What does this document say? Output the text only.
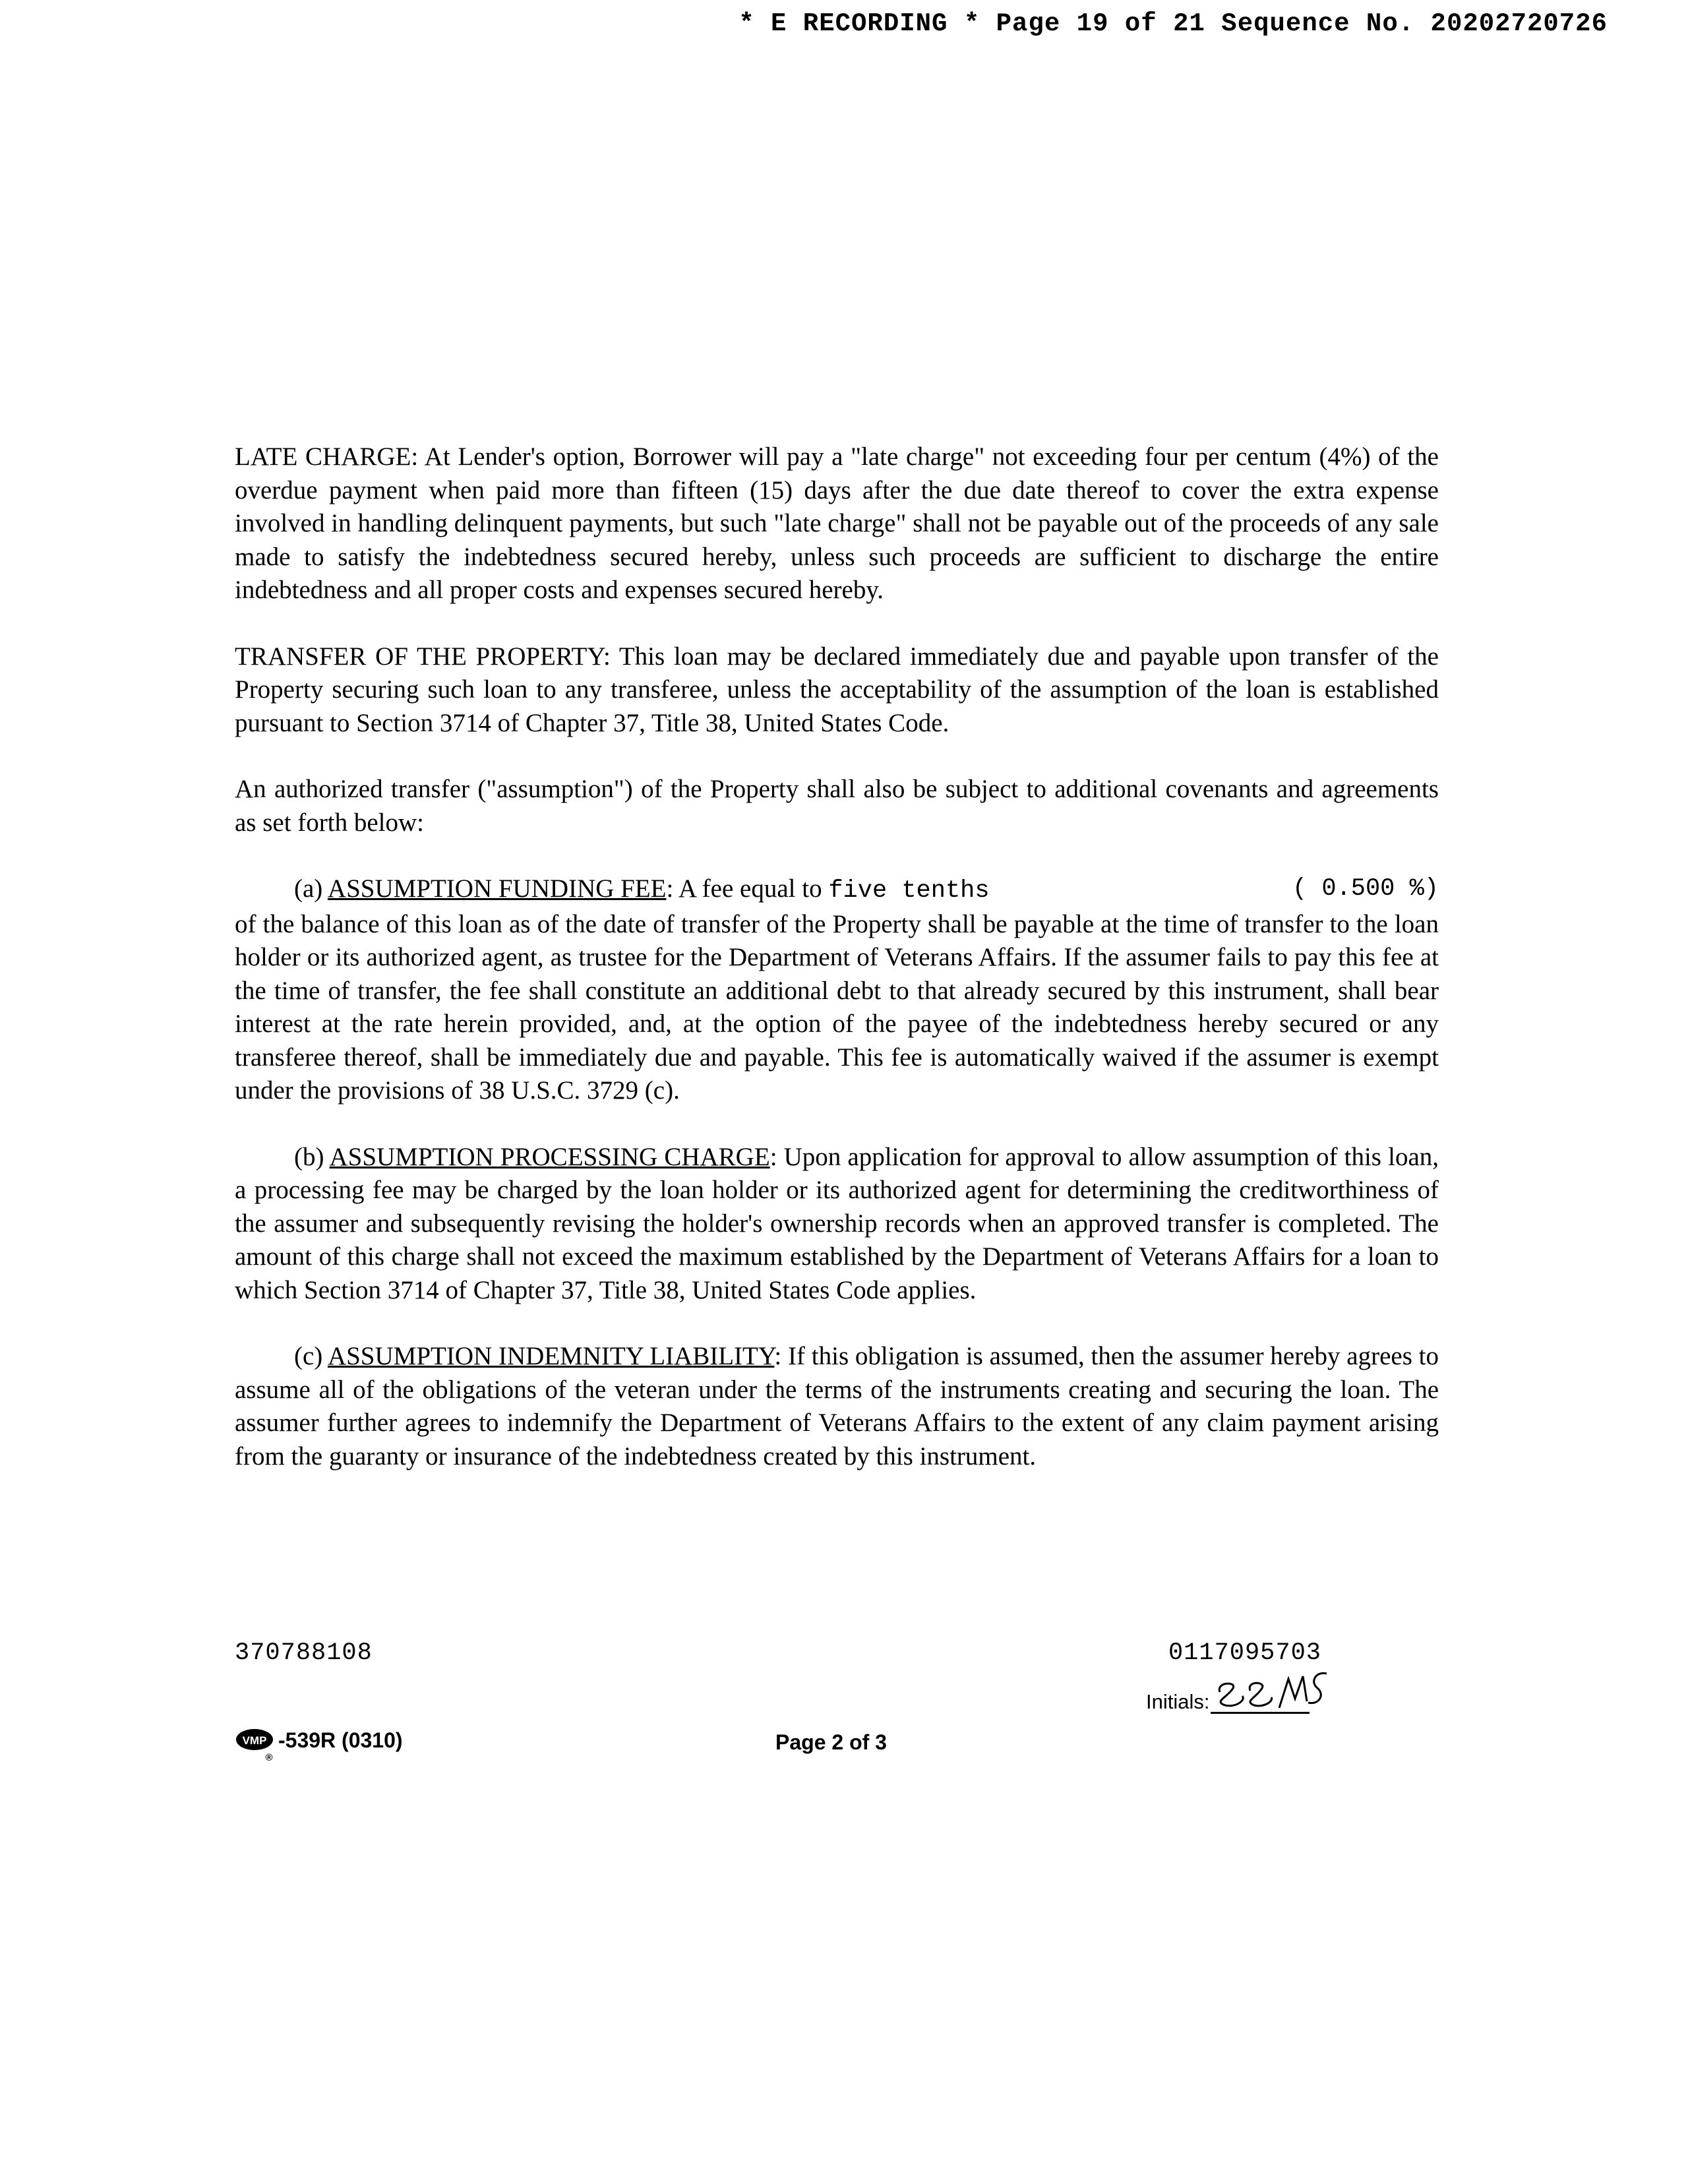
* E RECORDING * Page 19 of 21 Sequence No. 20202720726

LATE CHARGE: At Lender's option, Borrower will pay a "late charge" not exceeding four per centum (4%) of the overdue payment when paid more than fifteen (15) days after the due date thereof to cover the extra expense involved in handling delinquent payments, but such "late charge" shall not be payable out of the proceeds of any sale made to satisfy the indebtedness secured hereby, unless such proceeds are sufficient to discharge the entire indebtedness and all proper costs and expenses secured hereby.

TRANSFER OF THE PROPERTY: This loan may be declared immediately due and payable upon transfer of the Property securing such loan to any transferee, unless the acceptability of the assumption of the loan is established pursuant to Section 3714 of Chapter 37, Title 38, United States Code.

An authorized transfer ("assumption") of the Property shall also be subject to additional covenants and agreements as set forth below:

(a) ASSUMPTION FUNDING FEE: A fee equal to five tenths	( 0.500 %)
of the balance of this loan as of the date of transfer of the Property shall be payable at the time of transfer to the loan holder or its authorized agent, as trustee for the Department of Veterans Affairs. If the assumer fails to pay this fee at the time of transfer, the fee shall constitute an additional debt to that already secured by this instrument, shall bear interest at the rate herein provided, and, at the option of the payee of the indebtedness hereby secured or any transferee thereof, shall be immediately due and payable. This fee is automatically waived if the assumer is exempt under the provisions of 38 U.S.C. 3729 (c).

(b) ASSUMPTION PROCESSING CHARGE: Upon application for approval to allow assumption of this loan, a processing fee may be charged by the loan holder or its authorized agent for determining the creditworthiness of the assumer and subsequently revising the holder's ownership records when an approved transfer is completed. The amount of this charge shall not exceed the maximum established by the Department of Veterans Affairs for a loan to which Section 3714 of Chapter 37, Title 38, United States Code applies.

(c) ASSUMPTION INDEMNITY LIABILITY: If this obligation is assumed, then the assumer hereby agrees to assume all of the obligations of the veteran under the terms of the instruments creating and securing the loan. The assumer further agrees to indemnify the Department of Veterans Affairs to the extent of any claim payment arising from the guaranty or insurance of the indebtedness created by this instrument.

370788108	0117095703
Initials:
VMP
®
-539R (0310)	Page 2 of 3
